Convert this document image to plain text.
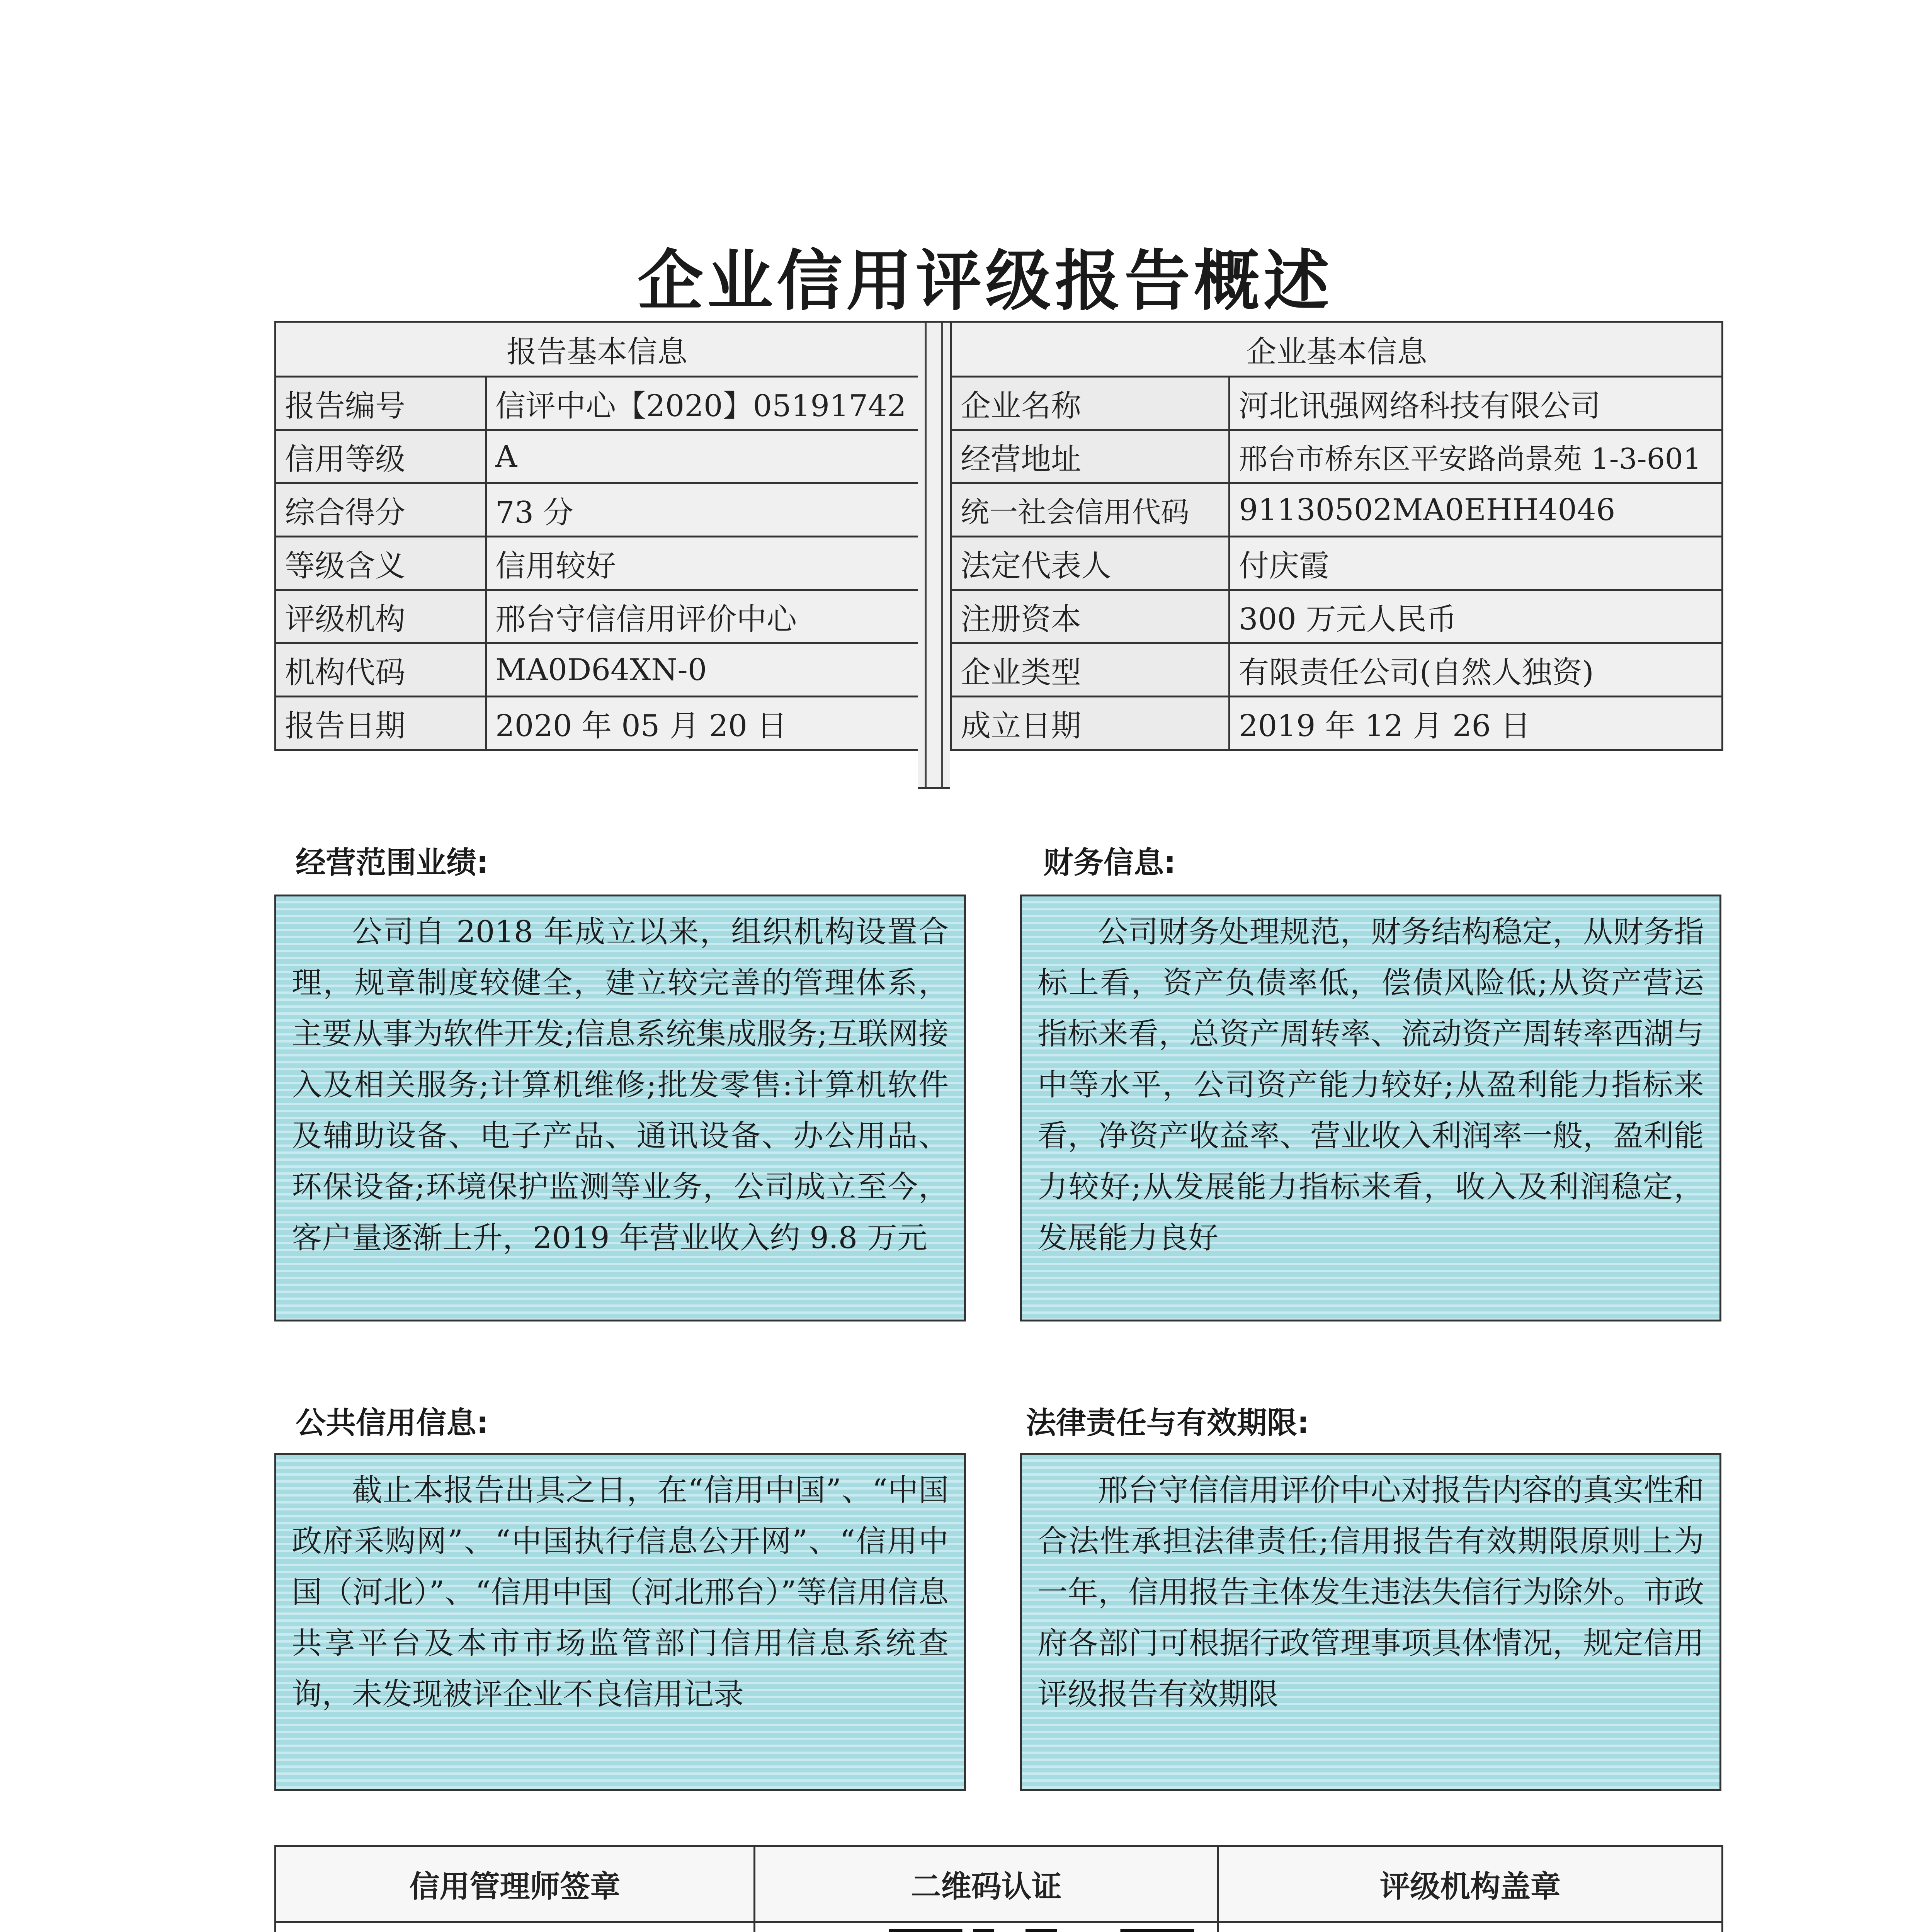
企业信用评级报告概述
报告基本信息	
报告编号	信评中心【2020】05191742
信用等级	A
综合得分	73 分
等级含义	信用较好
评级机构	邢台守信信用评价中心
机构代码	MA0D64XN-0
报告日期	2020 年 05 月 20 日
企业基本信息	
企业名称	河北讯强网络科技有限公司
经营地址	邢台市桥东区平安路尚景苑 1-3-601
统一社会信用代码	91130502MA0EHH4046
法定代表人	付庆霞
注册资本	300 万元人民币
企业类型	有限责任公司(自然人独资)
成立日期	2019 年 12 月 26 日
经营范围业绩:	财务信息:
公共信用信息:	法律责任与有效期限:

公司自 2018 年成立以来，组织机构设置合理，规章制度较健全，建立较完善的管理体系，主要从事为软件开发;信息系统集成服务;互联网接入及相关服务;计算机维修;批发零售:计算机软件及辅助设备、电子产品、通讯设备、办公用品、环保设备;环境保护监测等业务，公司成立至今，客户量逐渐上升，2019 年营业收入约 9.8 万元

公司财务处理规范，财务结构稳定，从财务指标上看，资产负债率低，偿债风险低;从资产营运指标来看，总资产周转率、流动资产周转率西湖与中等水平，公司资产能力较好;从盈利能力指标来看，净资产收益率、营业收入利润率一般，盈利能力较好;从发展能力指标来看，收入及利润稳定，发展能力良好

截止本报告出具之日，在“信用中国”、“中国政府采购网”、“中国执行信息公开网”、“信用中国（河北）”、“信用中国（河北邢台）”等信用信息共享平台及本市市场监管部门信用信息系统查询，未发现被评企业不良信用记录

邢台守信信用评价中心对报告内容的真实性和合法性承担法律责任;信用报告有效期限原则上为一年，信用报告主体发生违法失信行为除外。市政府各部门可根据行政管理事项具体情况，规定信用评级报告有效期限

信用管理师签章	二维码认证	评级机构盖章
